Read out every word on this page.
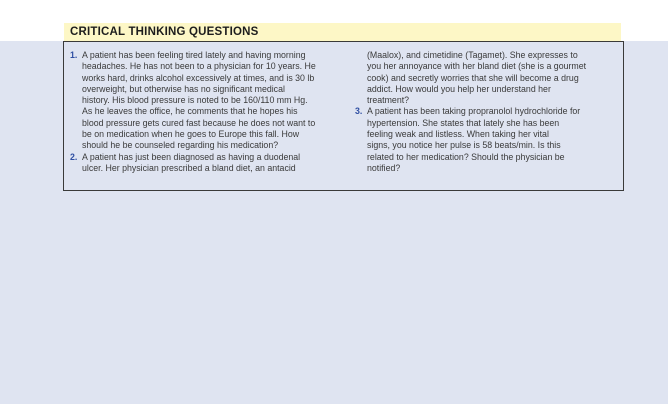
CRITICAL THINKING QUESTIONS
1. A patient has been feeling tired lately and having morning
headaches. He has not been to a physician for 10 years. He
works hard, drinks alcohol excessively at times, and is 30 lb
overweight, but otherwise has no significant medical
history. His blood pressure is noted to be 160/110 mm Hg.
As he leaves the office, he comments that he hopes his
blood pressure gets cured fast because he does not want to
be on medication when he goes to Europe this fall. How
should he be counseled regarding his medication?
2. A patient has just been diagnosed as having a duodenal
ulcer. Her physician prescribed a bland diet, an antacid
(Maalox), and cimetidine (Tagamet). She expresses to
you her annoyance with her bland diet (she is a gourmet
cook) and secretly worries that she will become a drug
addict. How would you help her understand her
treatment?
3. A patient has been taking propranolol hydrochloride for
hypertension. She states that lately she has been
feeling weak and listless. When taking her vital
signs, you notice her pulse is 58 beats/min. Is this
related to her medication? Should the physician be
notified?
